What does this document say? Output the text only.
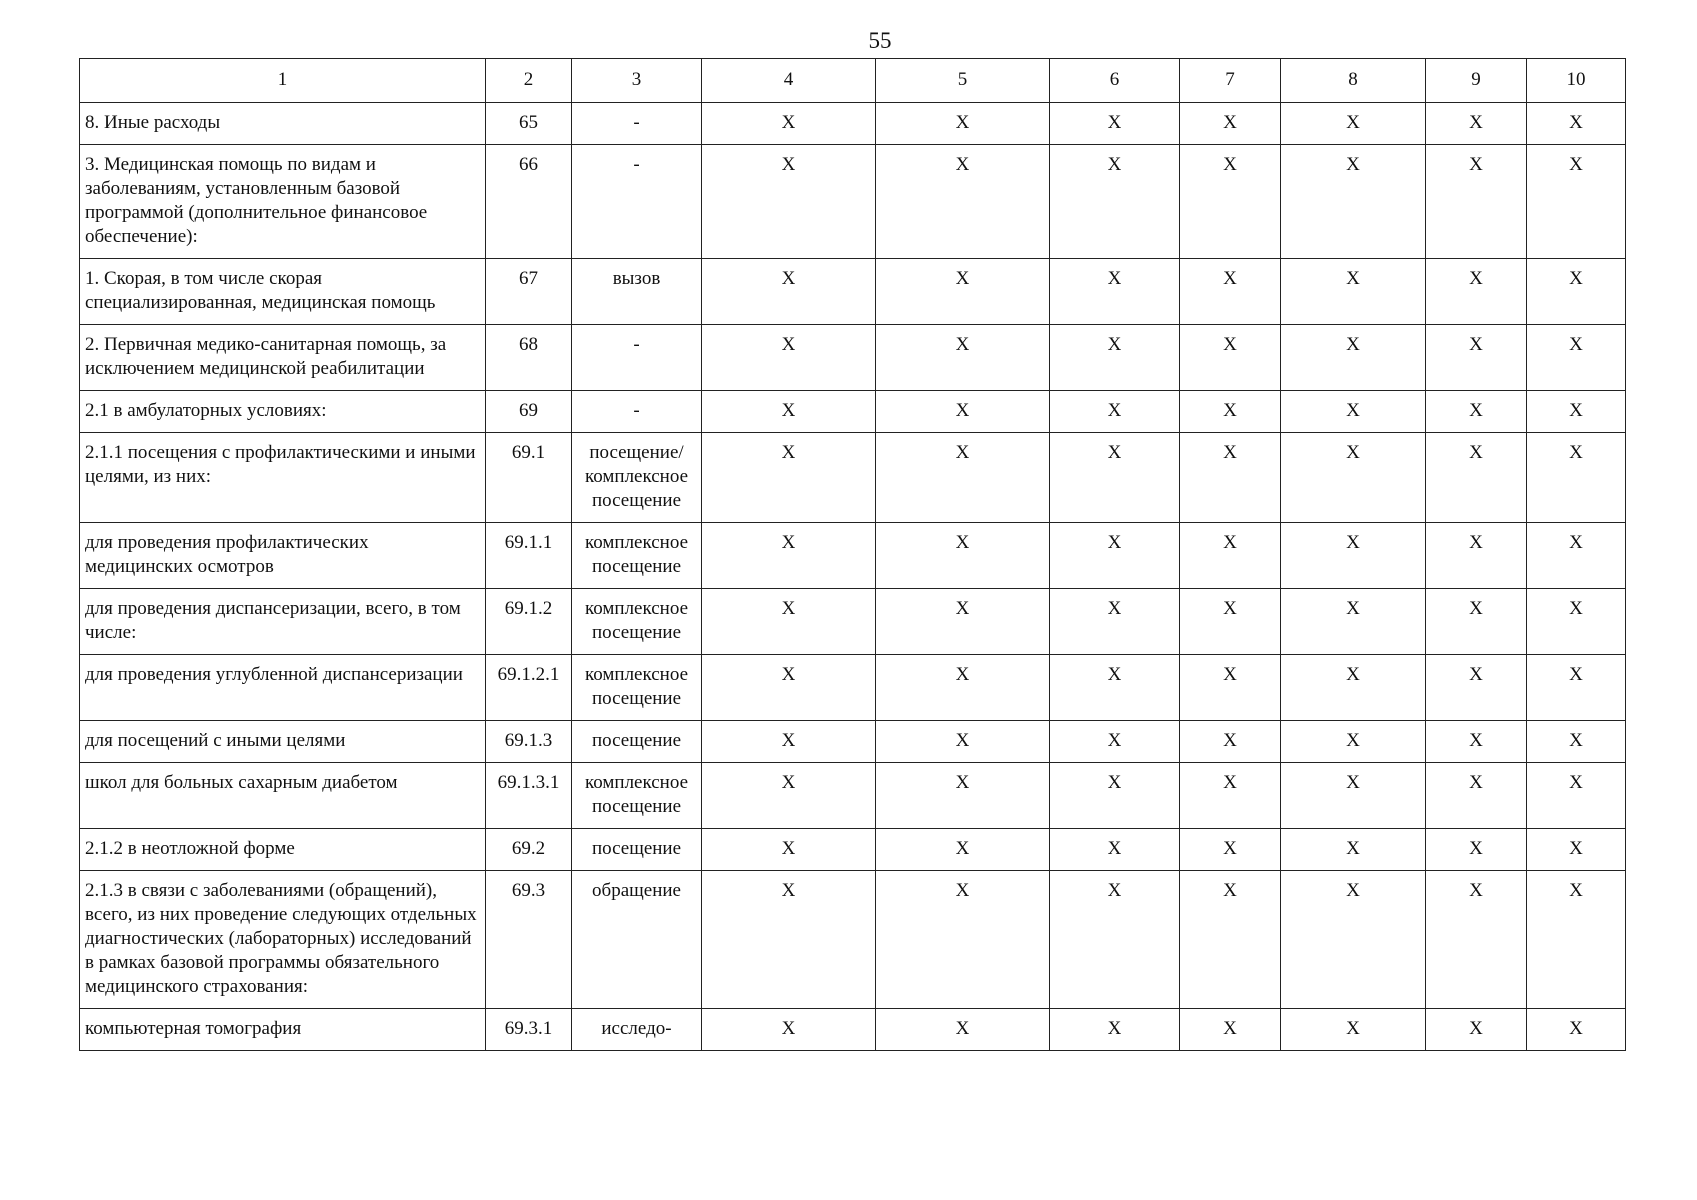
55
1	2	3	4	5	6	7	8	9	10
8. Иные расходы	65	-	X	X	X	X	X	X	X
3. Медицинская помощь по видам и заболеваниям, установленным базовой программой (дополнительное финансовое обеспечение):	66	-	X	X	X	X	X	X	X
1. Скорая, в том числе скорая специализированная, медицинская помощь	67	вызов	X	X	X	X	X	X	X
2. Первичная медико-санитарная помощь, за исключением медицинской реабилитации	68	-	X	X	X	X	X	X	X
2.1 в амбулаторных условиях:	69	-	X	X	X	X	X	X	X
2.1.1 посещения с профилактическими и иными целями, из них:	69.1	посещение/ комплексное посещение	X	X	X	X	X	X	X
для проведения профилактических медицинских осмотров	69.1.1	комплексное посещение	X	X	X	X	X	X	X
для проведения диспансеризации, всего, в том числе:	69.1.2	комплексное посещение	X	X	X	X	X	X	X
для проведения углубленной диспансеризации	69.1.2.1	комплексное посещение	X	X	X	X	X	X	X
для посещений с иными целями	69.1.3	посещение	X	X	X	X	X	X	X
школ для больных сахарным диабетом	69.1.3.1	комплексное посещение	X	X	X	X	X	X	X
2.1.2 в неотложной форме	69.2	посещение	X	X	X	X	X	X	X
2.1.3 в связи с заболеваниями (обращений), всего, из них проведение следующих отдельных диагностических (лабораторных) исследований в рамках базовой программы обязательного медицинского страхования:	69.3	обращение	X	X	X	X	X	X	X
компьютерная томография	69.3.1	исследо-	X	X	X	X	X	X	X
